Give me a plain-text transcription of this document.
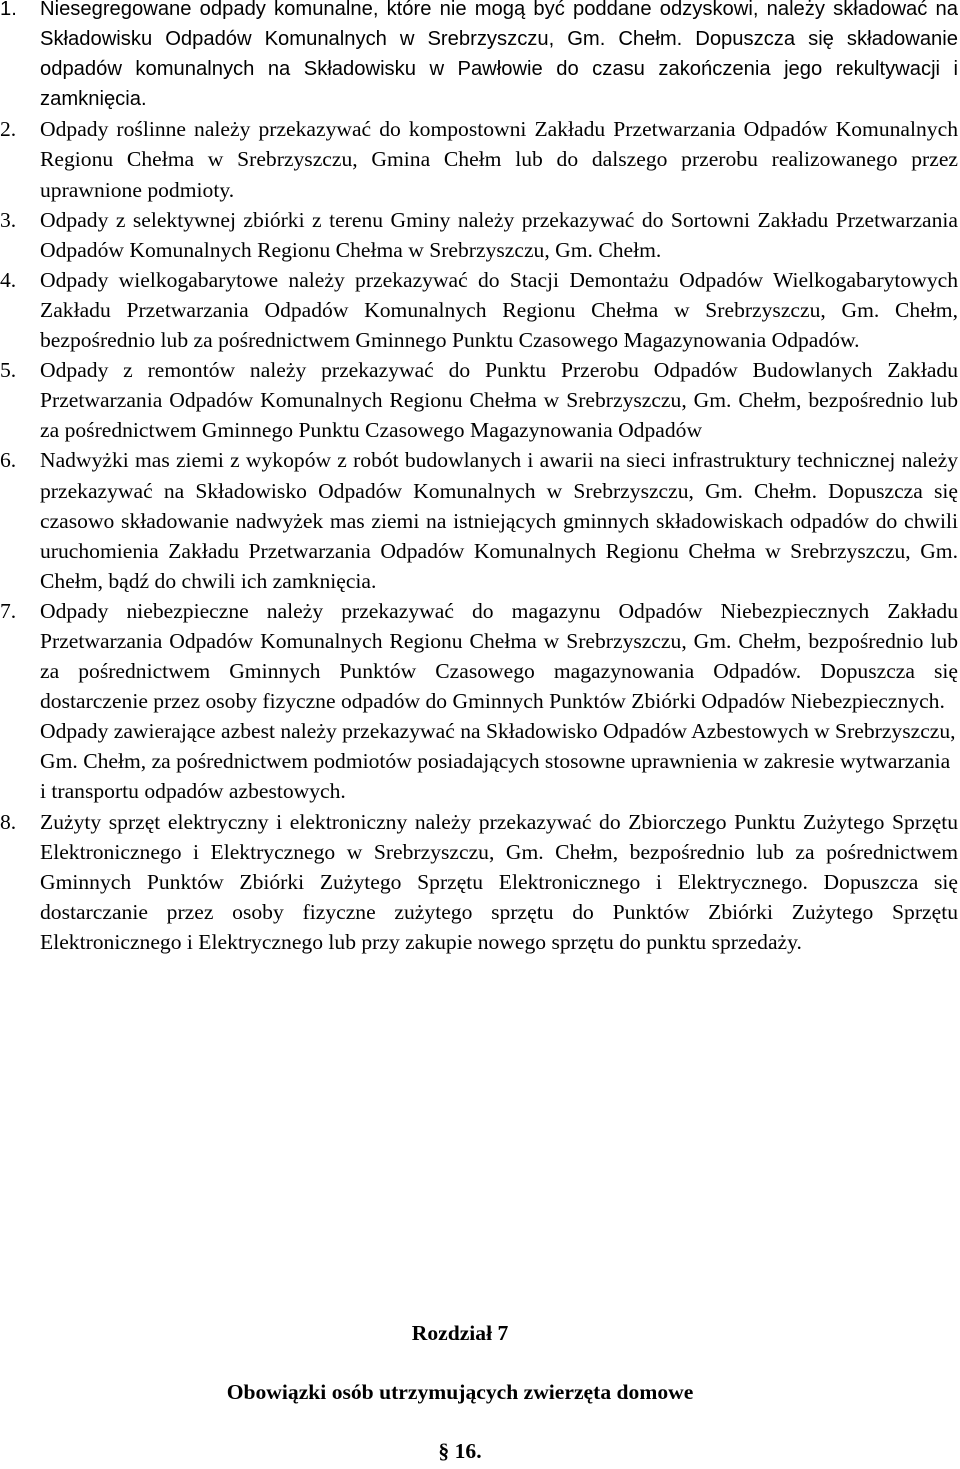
1. Niesegregowane odpady komunalne, które nie mogą być poddane odzyskowi, należy składować na Składowisku Odpadów Komunalnych w Srebrzyszczu, Gm. Chełm. Dopuszcza się składowanie odpadów komunalnych na Składowisku w Pawłowie do czasu zakończenia jego rekultywacji i zamknięcia.
2. Odpady roślinne należy przekazywać do kompostowni Zakładu Przetwarzania Odpadów Komunalnych Regionu Chełma w Srebrzyszczu, Gmina Chełm lub do dalszego przerobu realizowanego przez uprawnione podmioty.
3. Odpady z selektywnej zbiórki z terenu Gminy należy przekazywać do Sortowni Zakładu Przetwarzania Odpadów Komunalnych Regionu Chełma w Srebrzyszczu, Gm. Chełm.
4. Odpady wielkogabarytowe należy przekazywać do Stacji Demontażu Odpadów Wielkogabarytowych Zakładu Przetwarzania Odpadów Komunalnych Regionu Chełma w Srebrzyszczu, Gm. Chełm, bezpośrednio lub za pośrednictwem Gminnego Punktu Czasowego Magazynowania Odpadów.
5. Odpady z remontów należy przekazywać do Punktu Przerobu Odpadów Budowlanych Zakładu Przetwarzania Odpadów Komunalnych Regionu Chełma w Srebrzyszczu, Gm. Chełm, bezpośrednio lub za pośrednictwem Gminnego Punktu Czasowego Magazynowania Odpadów
6. Nadwyżki mas ziemi z wykopów z robót budowlanych i awarii na sieci infrastruktury technicznej należy przekazywać na Składowisko Odpadów Komunalnych w Srebrzyszczu, Gm. Chełm. Dopuszcza się czasowo składowanie nadwyżek mas ziemi na istniejących gminnych składowiskach odpadów do chwili uruchomienia Zakładu Przetwarzania Odpadów Komunalnych Regionu Chełma w Srebrzyszczu, Gm. Chełm, bądź do chwili ich zamknięcia.
7. Odpady niebezpieczne należy przekazywać do magazynu Odpadów Niebezpiecznych Zakładu Przetwarzania Odpadów Komunalnych Regionu Chełma w Srebrzyszczu, Gm. Chełm, bezpośrednio lub za pośrednictwem Gminnych Punktów Czasowego magazynowania Odpadów. Dopuszcza się dostarczenie przez osoby fizyczne odpadów do Gminnych Punktów Zbiórki Odpadów Niebezpiecznych.
Odpady zawierające azbest należy przekazywać na Składowisko Odpadów Azbestowych w Srebrzyszczu, Gm. Chełm, za pośrednictwem podmiotów posiadających stosowne uprawnienia w zakresie wytwarzania i transportu odpadów azbestowych.
8. Zużyty sprzęt elektryczny i elektroniczny należy przekazywać do Zbiorczego Punktu Zużytego Sprzętu Elektronicznego i Elektrycznego w Srebrzyszczu, Gm. Chełm, bezpośrednio lub za pośrednictwem Gminnych Punktów Zbiórki Zużytego Sprzętu Elektronicznego i Elektrycznego. Dopuszcza się dostarczanie przez osoby fizyczne zużytego sprzętu do Punktów Zbiórki Zużytego Sprzętu Elektronicznego i Elektrycznego lub przy zakupie nowego sprzętu do punktu sprzedaży.
Rozdział 7
Obowiązki osób utrzymujących zwierzęta domowe
§ 16.
